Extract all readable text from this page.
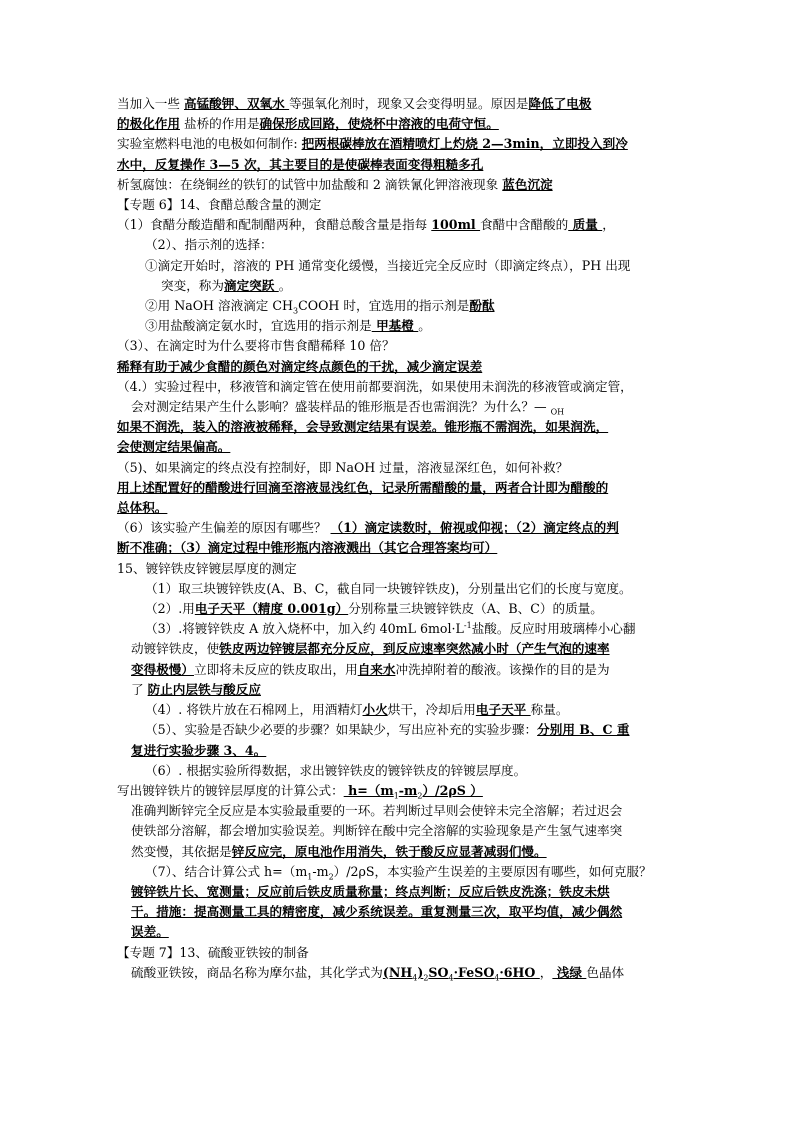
当加入一些 高锰酸钾、双氧水 等强氧化剂时，现象又会变得明显。原因是降低了电极

的极化作用 盐桥的作用是确保形成回路，使烧杯中溶液的电荷守恒。

实验室燃料电池的电极如何制作: 把两根碳棒放在酒精喷灯上灼烧 2—3min，立即投入到冷

水中，反复操作 3—5 次，其主要目的是使碳棒表面变得粗糙多孔

析氢腐蚀：在绕铜丝的铁钉的试管中加盐酸和 2 滴铁氰化钾溶液现象 蓝色沉淀

【专题 6】14、食醋总酸含量的测定

（1）食醋分酸造醋和配制醋两种，食醋总酸含量是指每 100ml 食醋中含醋酸的 质量 ，

（2）、指示剂的选择：

①滴定开始时，溶液的 PH 通常变化缓慢，当接近完全反应时（即滴定终点），PH 出现

突变，称为滴定突跃 。

②用 NaOH 溶液滴定 $CH_3COOH$ 时，宜选用的指示剂是酚酞

③用盐酸滴定氨水时，宜选用的指示剂是 甲基橙 。

（3）、在滴定时为什么要将市售食醋稀释 10 倍？

稀释有助于减少食醋的颜色对滴定终点颜色的干扰，减少滴定误差

（4.）实验过程中，移液管和滴定管在使用前都要润洗，如果使用未润洗的移液管或滴定管，

会对测定结果产生什么影响？盛装样品的锥形瓶是否也需润洗？为什么？— $_{OH}$

如果不润洗，装入的溶液被稀释，会导致测定结果有误差。锥形瓶不需润洗，如果润洗，

会使测定结果偏高。

（5)、如果滴定的终点没有控制好，即 NaOH 过量，溶液显深红色，如何补救？

用上述配置好的醋酸进行回滴至溶液显浅红色，记录所需醋酸的量，两者合计即为醋酸的

总体积。

（6）该实验产生偏差的原因有哪些？ （1）滴定读数时，俯视或仰视；（2）滴定终点的判

断不准确；（3）滴定过程中锥形瓶内溶液溅出（其它合理答案均可）

15、镀锌铁皮锌镀层厚度的测定

（1）取三块镀锌铁皮(A、B、C，截自同一块镀锌铁皮)，分别量出它们的长度与宽度。

（2）.用电子天平（精度 0.001g）分别称量三块镀锌铁皮（A、B、C）的质量。

（3）.将镀锌铁皮 A 放入烧杯中，加入约 40mL $6mol\cdot L^{-1}$盐酸。反应时用玻璃棒小心翻

动镀锌铁皮，使铁皮两边锌镀层都充分反应，到反应速率突然减小时（产生气泡的速率

变得极慢）立即将未反应的铁皮取出，用自来水冲洗掉附着的酸液。该操作的目的是为

了 防止内层铁与酸反应

（4）. 将铁片放在石棉网上，用酒精灯小火烘干，冷却后用电子天平 称量。

（5）、实验是否缺少必要的步骤？如果缺少，写出应补充的实验步骤：分别用 B、C 重

复进行实验步骤 3、4。

（6）. 根据实验所得数据，求出镀锌铁皮的镀锌铁皮的锌镀层厚度。

写出镀锌铁片的镀锌层厚度的计算公式： $h=(m_1-m_2)/2\rho S$ ）

准确判断锌完全反应是本实验最重要的一环。若判断过早则会使锌未完全溶解；若过迟会

使铁部分溶解，都会增加实验误差。判断锌在酸中完全溶解的实验现象是产生氢气速率突

然变慢，其依据是锌反应完，原电池作用消失，铁于酸反应显著减弱们慢。

（7）、结合计算公式 $h=(m_1-m_2)/2\rho S$，本实验产生误差的主要原因有哪些，如何克服？

镀锌铁片长、宽测量；反应前后铁皮质量称量；终点判断；反应后铁皮洗涤；铁皮未烘

干。措施：提高测量工具的精密度，减少系统误差。重复测量三次，取平均值，减少偶然

误差。

【专题 7】13、硫酸亚铁铵的制备

硫酸亚铁铵，商品名称为摩尔盐，其化学式为$(NH_4)_2SO_4\cdot FeSO_4\cdot 6HO$ ， 浅绿 色晶体
